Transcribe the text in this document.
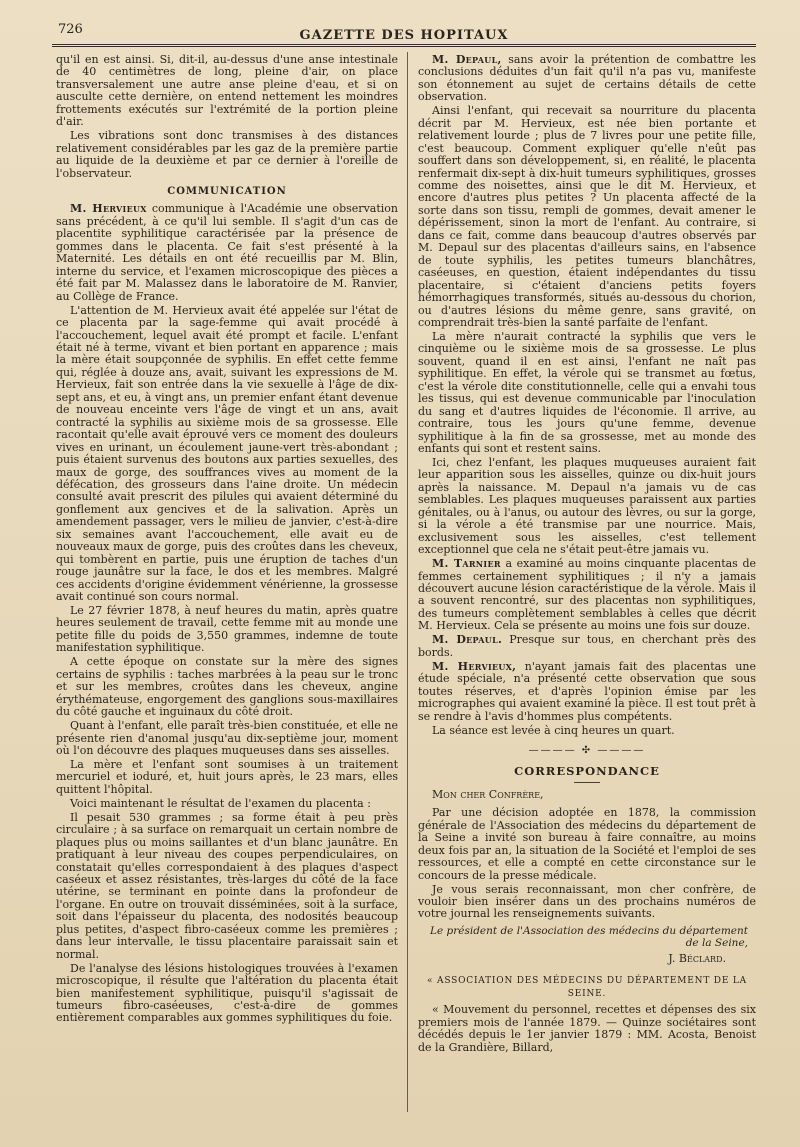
726	GAZETTE DES HOPITAUX

qu'il en est ainsi. Si, dit-il, au-dessus d'une anse intestinale de 40 centimètres de long, pleine d'air, on place transversalement une autre anse pleine d'eau, et si on ausculte cette dernière, on entend nettement les moindres frottements exécutés sur l'extrémité de la portion pleine d'air.

Les vibrations sont donc transmises à des distances relativement considérables par les gaz de la première partie au liquide de la deuxième et par ce dernier à l'oreille de l'observateur.

COMMUNICATION

M. Hervieux communique à l'Académie une observation sans précédent, à ce qu'il lui semble. Il s'agit d'un cas de placentite syphilitique caractérisée par la présence de gommes dans le placenta. Ce fait s'est présenté à la Maternité. Les détails en ont été recueillis par M. Blin, interne du service, et l'examen microscopique des pièces a été fait par M. Malassez dans le laboratoire de M. Ranvier, au Collège de France.

L'attention de M. Hervieux avait été appelée sur l'état de ce placenta par la sage-femme qui avait procédé à l'accouchement, lequel avait été prompt et facile. L'enfant était né à terme, vivant et bien portant en apparence ; mais la mère était soupçonnée de syphilis. En effet cette femme qui, réglée à douze ans, avait, suivant les expressions de M. Hervieux, fait son entrée dans la vie sexuelle à l'âge de dix-sept ans, et eu, à vingt ans, un premier enfant étant devenue de nouveau enceinte vers l'âge de vingt et un ans, avait contracté la syphilis au sixième mois de sa grossesse. Elle racontait qu'elle avait éprouvé vers ce moment des douleurs vives en urinant, un écoulement jaune-vert très-abondant ; puis étaient survenus des boutons aux parties sexuelles, des maux de gorge, des souffrances vives au moment de la défécation, des grosseurs dans l'aine droite. Un médecin consulté avait prescrit des pilules qui avaient déterminé du gonflement aux gencives et de la salivation. Après un amendement passager, vers le milieu de janvier, c'est-à-dire six semaines avant l'accouchement, elle avait eu de nouveaux maux de gorge, puis des croûtes dans les cheveux, qui tombèrent en partie, puis une éruption de taches d'un rouge jaunâtre sur la face, le dos et les membres. Malgré ces accidents d'origine évidemment vénérienne, la grossesse avait continué son cours normal.

Le 27 février 1878, à neuf heures du matin, après quatre heures seulement de travail, cette femme mit au monde une petite fille du poids de 3,550 grammes, indemne de toute manifestation syphilitique.

A cette époque on constate sur la mère des signes certains de syphilis : taches marbrées à la peau sur le tronc et sur les membres, croûtes dans les cheveux, angine érythémateuse, engorgement des ganglions sous-maxillaires du côté gauche et inguinaux du côté droit.

Quant à l'enfant, elle paraît très-bien constituée, et elle ne présente rien d'anomal jusqu'au dix-septième jour, moment où l'on découvre des plaques muqueuses dans ses aisselles.

La mère et l'enfant sont soumises à un traitement mercuriel et ioduré, et, huit jours après, le 23 mars, elles quittent l'hôpital.

Voici maintenant le résultat de l'examen du placenta :

Il pesait 530 grammes ; sa forme était à peu près circulaire ; à sa surface on remarquait un certain nombre de plaques plus ou moins saillantes et d'un blanc jaunâtre. En pratiquant à leur niveau des coupes perpendiculaires, on constatait qu'elles correspondaient à des plaques d'aspect caséeux et assez résistantes, très-larges du côté de la face utérine, se terminant en pointe dans la profondeur de l'organe. En outre on trouvait disséminées, soit à la surface, soit dans l'épaisseur du placenta, des nodosités beaucoup plus petites, d'aspect fibro-caséeux comme les premières ; dans leur intervalle, le tissu placentaire paraissait sain et normal.

De l'analyse des lésions histologiques trouvées à l'examen microscopique, il résulte que l'altération du placenta était bien manifestement syphilitique, puisqu'il s'agissait de tumeurs fibro-caséeuses, c'est-à-dire de gommes entièrement comparables aux gommes syphilitiques du foie.

M. Depaul, sans avoir la prétention de combattre les conclusions déduites d'un fait qu'il n'a pas vu, manifeste son étonnement au sujet de certains détails de cette observation.

Ainsi l'enfant, qui recevait sa nourriture du placenta décrit par M. Hervieux, est née bien portante et relativement lourde ; plus de 7 livres pour une petite fille, c'est beaucoup. Comment expliquer qu'elle n'eût pas souffert dans son développement, si, en réalité, le placenta renfermait dix-sept à dix-huit tumeurs syphilitiques, grosses comme des noisettes, ainsi que le dit M. Hervieux, et encore d'autres plus petites ? Un placenta affecté de la sorte dans son tissu, rempli de gommes, devait amener le dépérissement, sinon la mort de l'enfant. Au contraire, si dans ce fait, comme dans beaucoup d'autres observés par M. Depaul sur des placentas d'ailleurs sains, en l'absence de toute syphilis, les petites tumeurs blanchâtres, caséeuses, en question, étaient indépendantes du tissu placentaire, si c'étaient d'anciens petits foyers hémorrhagiques transformés, situés au-dessous du chorion, ou d'autres lésions du même genre, sans gravité, on comprendrait très-bien la santé parfaite de l'enfant.

La mère n'aurait contracté la syphilis que vers le cinquième ou le sixième mois de sa grossesse. Le plus souvent, quand il en est ainsi, l'enfant ne naît pas syphilitique. En effet, la vérole qui se transmet au fœtus, c'est la vérole dite constitutionnelle, celle qui a envahi tous les tissus, qui est devenue communicable par l'inoculation du sang et d'autres liquides de l'économie. Il arrive, au contraire, tous les jours qu'une femme, devenue syphilitique à la fin de sa grossesse, met au monde des enfants qui sont et restent sains.

Ici, chez l'enfant, les plaques muqueuses auraient fait leur apparition sous les aisselles, quinze ou dix-huit jours après la naissance. M. Depaul n'a jamais vu de cas semblables. Les plaques muqueuses paraissent aux parties génitales, ou à l'anus, ou autour des lèvres, ou sur la gorge, si la vérole a été transmise par une nourrice. Mais, exclusivement sous les aisselles, c'est tellement exceptionnel que cela ne s'était peut-être jamais vu.

M. Tarnier a examiné au moins cinquante placentas de femmes certainement syphilitiques ; il n'y a jamais découvert aucune lésion caractéristique de la vérole. Mais il a souvent rencontré, sur des placentas non syphilitiques, des tumeurs complètement semblables à celles que décrit M. Hervieux. Cela se présente au moins une fois sur douze.

M. Depaul. Presque sur tous, en cherchant près des bords.

M. Hervieux, n'ayant jamais fait des placentas une étude spéciale, n'a présenté cette observation que sous toutes réserves, et d'après l'opinion émise par les micrographes qui avaient examiné la pièce. Il est tout prêt à se rendre à l'avis d'hommes plus compétents.

La séance est levée à cinq heures un quart.

———— ✣ ————
CORRESPONDANCE
Mon cher Confrère,

Par une décision adoptée en 1878, la commission générale de l'Association des médecins du département de la Seine a invité son bureau à faire connaître, au moins deux fois par an, la situation de la Société et l'emploi de ses ressources, et elle a compté en cette circonstance sur le concours de la presse médicale.

Je vous serais reconnaissant, mon cher confrère, de vouloir bien insérer dans un des prochains numéros de votre journal les renseignements suivants.

Le président de l'Association des médecins du département de la Seine,
J. Béclard.
« ASSOCIATION DES MÉDECINS DU DÉPARTEMENT DE LA SEINE.

« Mouvement du personnel, recettes et dépenses des six premiers mois de l'année 1879. — Quinze sociétaires sont décédés depuis le 1er janvier 1879 : MM. Acosta, Benoist de la Grandière, Billard,
